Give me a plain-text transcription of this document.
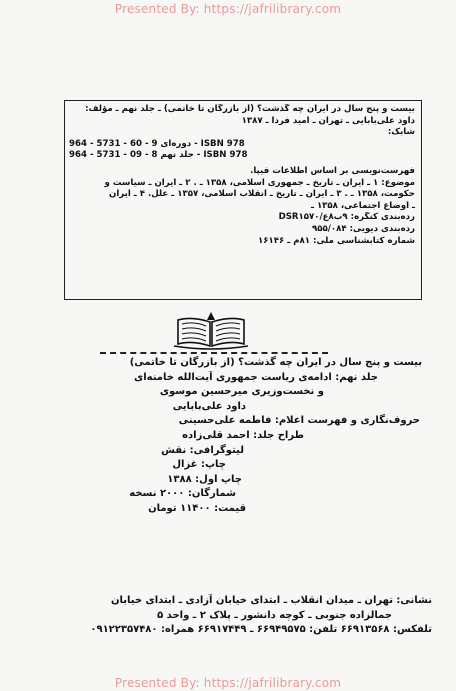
Presented By: https://jafrilibrary.com
بیست و پنج سال در ایران چه گذشت؟ (از بازرگان تا خاتمی) ـ جلد نهم ـ مؤلف:
داود علی‌بابایی ـ تهران ـ امید فردا ـ ۱۳۸۷
شابک:
دوره‌ای 9 - 60 - 5731 - 964 - ISBN 978
جلد نهم 8 - 09 - 5731 - 964 - ISBN 978
فهرست‌نویسی بر اساس اطلاعات فیپا.
موضوع: ۱ ـ ایران ـ تاریخ ـ جمهوری اسلامی، ۱۳۵۸ ـ . ۲ ـ ایران ـ سیاست و
حکومت، ۱۳۵۸ ـ . ۳ ـ ایران ـ تاریخ ـ انقلاب اسلامی، ۱۳۵۷ ـ علل. ۴ ـ ایران
ـ اوضاع اجتماعی، ۱۳۵۸ ـ
رده‌بندی کنگره: ۹ب۸ع/DSR۱۵۷۰
رده‌بندی دیویی: ۹۵۵/۰۸۴
شماره کتابشناسی ملی: ۸۱م ـ ۱۶۱۴۶
بیست و پنج سال در ایران چه گذشت؟ (از بازرگان تا خاتمی)
جلد نهم: ادامه‌ی ریاست جمهوری آیت‌الله خامنه‌ای
و نخست‌وزیری میرحسین موسوی
داود علی‌بابایی
حروف‌نگاری و فهرست اعلام: فاطمه علی‌حسینی
طراح جلد: احمد قلی‌زاده
لیتوگرافی: نقش
چاپ: غزال
چاپ اول: ۱۳۸۸
شمارگان: ۲۰۰۰ نسخه
قیمت: ۱۱۴۰۰ تومان
نشانی: تهران ـ میدان انقلاب ـ ابتدای خیابان آزادی ـ ابتدای خیابان
جمالزاده جنوبی ـ کوچه دانشور ـ پلاک ۲ ـ واحد ۵
تلفکس: ۶۶۹۱۳۵۶۸ تلفن: ۶۶۹۴۹۵۷۵ ـ ۶۶۹۱۷۴۴۹ همراه: ۰۹۱۲۲۳۵۷۴۸۰
Presented By: https://jafrilibrary.com
